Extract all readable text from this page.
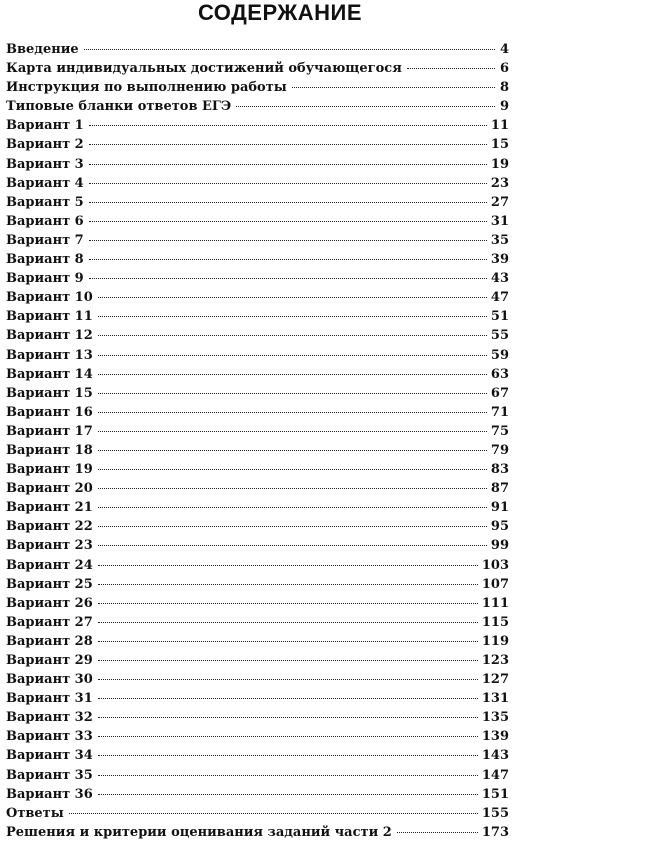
СОДЕРЖАНИЕ
Введение	4
Карта индивидуальных достижений обучающегося	6
Инструкция по выполнению работы	8
Типовые бланки ответов ЕГЭ	9
Вариант 1	11
Вариант 2	15
Вариант 3	19
Вариант 4	23
Вариант 5	27
Вариант 6	31
Вариант 7	35
Вариант 8	39
Вариант 9	43
Вариант 10	47
Вариант 11	51
Вариант 12	55
Вариант 13	59
Вариант 14	63
Вариант 15	67
Вариант 16	71
Вариант 17	75
Вариант 18	79
Вариант 19	83
Вариант 20	87
Вариант 21	91
Вариант 22	95
Вариант 23	99
Вариант 24	103
Вариант 25	107
Вариант 26	111
Вариант 27	115
Вариант 28	119
Вариант 29	123
Вариант 30	127
Вариант 31	131
Вариант 32	135
Вариант 33	139
Вариант 34	143
Вариант 35	147
Вариант 36	151
Ответы	155
Решения и критерии оценивания заданий части 2	173
